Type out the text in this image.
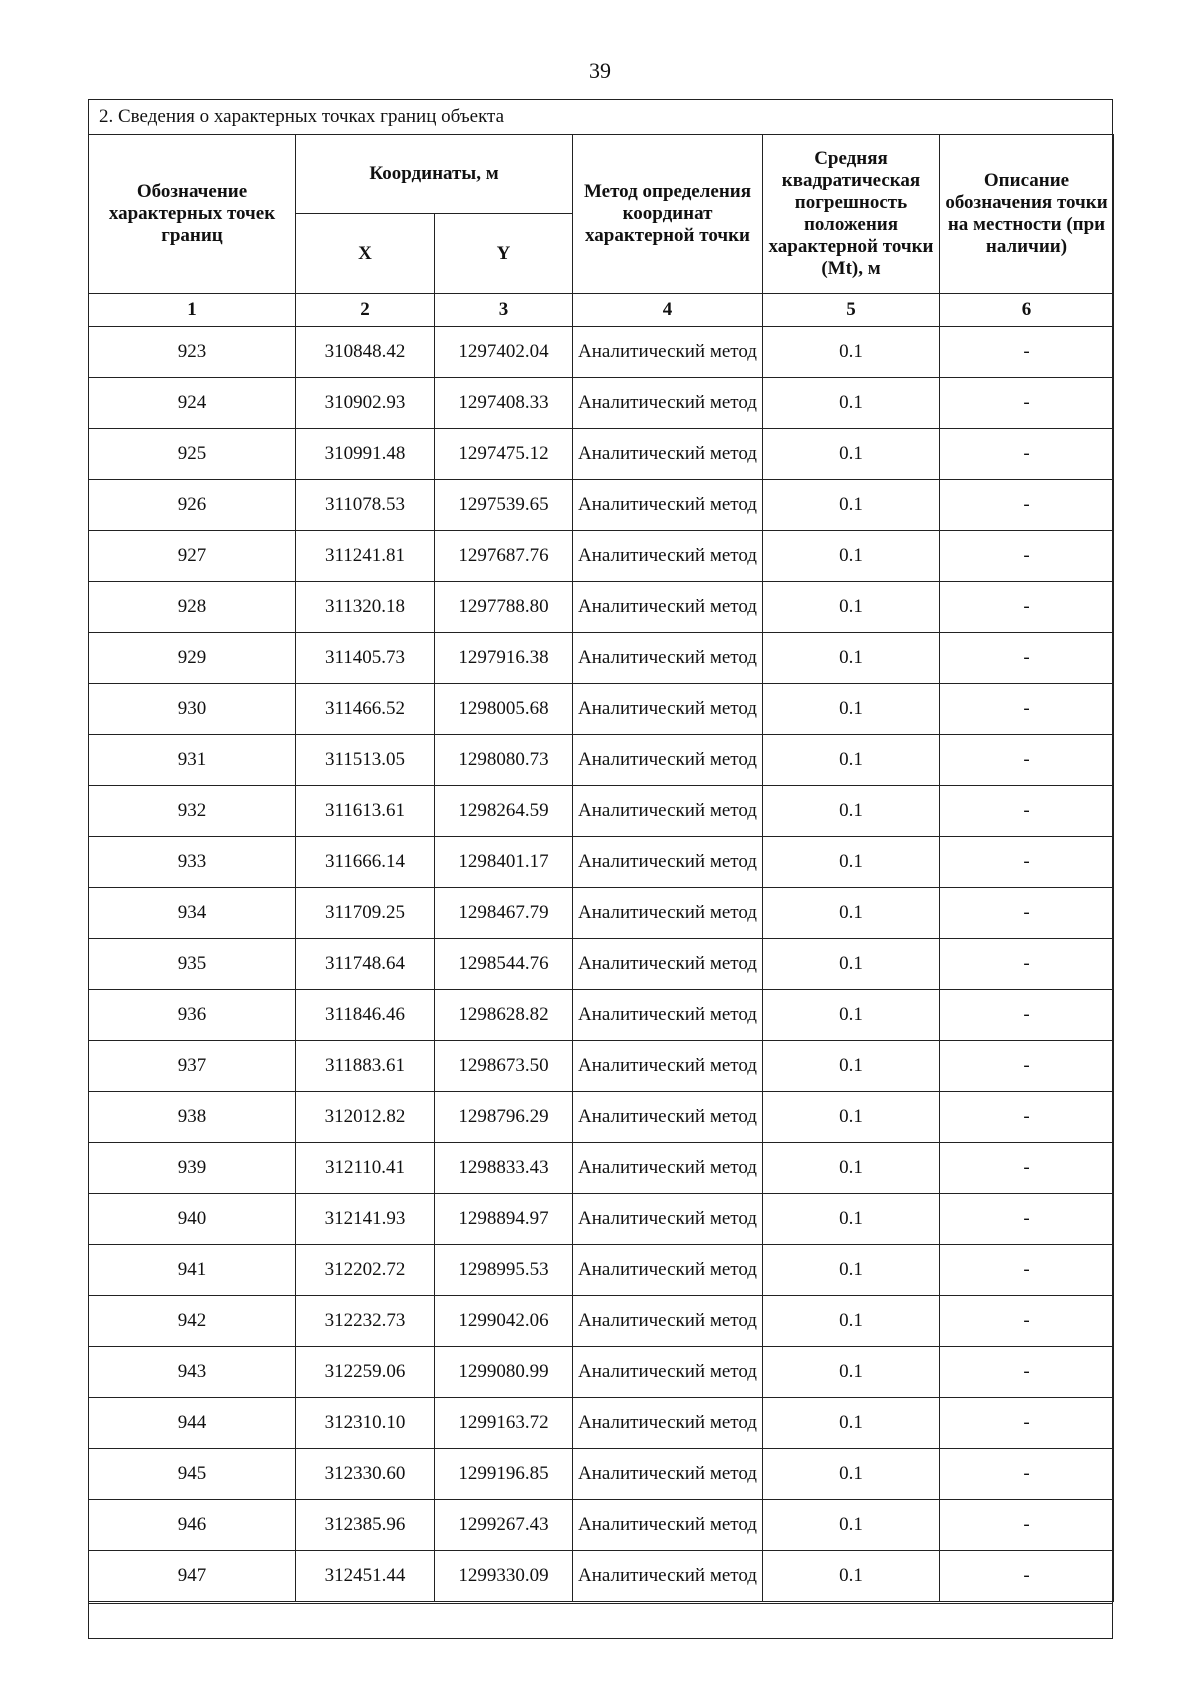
39
2. Сведения о характерных точках границ объекта
Обозначение характерных точек границ	Координаты, м		Метод определения координат характерной точки	Средняя квадратическая погрешность положения характерной точки (Mt), м	Описание обозначения точки на местности (при наличии)
	X	Y			
1	2	3	4	5	6
923	310848.42	1297402.04	Аналитический метод	0.1	-
924	310902.93	1297408.33	Аналитический метод	0.1	-
925	310991.48	1297475.12	Аналитический метод	0.1	-
926	311078.53	1297539.65	Аналитический метод	0.1	-
927	311241.81	1297687.76	Аналитический метод	0.1	-
928	311320.18	1297788.80	Аналитический метод	0.1	-
929	311405.73	1297916.38	Аналитический метод	0.1	-
930	311466.52	1298005.68	Аналитический метод	0.1	-
931	311513.05	1298080.73	Аналитический метод	0.1	-
932	311613.61	1298264.59	Аналитический метод	0.1	-
933	311666.14	1298401.17	Аналитический метод	0.1	-
934	311709.25	1298467.79	Аналитический метод	0.1	-
935	311748.64	1298544.76	Аналитический метод	0.1	-
936	311846.46	1298628.82	Аналитический метод	0.1	-
937	311883.61	1298673.50	Аналитический метод	0.1	-
938	312012.82	1298796.29	Аналитический метод	0.1	-
939	312110.41	1298833.43	Аналитический метод	0.1	-
940	312141.93	1298894.97	Аналитический метод	0.1	-
941	312202.72	1298995.53	Аналитический метод	0.1	-
942	312232.73	1299042.06	Аналитический метод	0.1	-
943	312259.06	1299080.99	Аналитический метод	0.1	-
944	312310.10	1299163.72	Аналитический метод	0.1	-
945	312330.60	1299196.85	Аналитический метод	0.1	-
946	312385.96	1299267.43	Аналитический метод	0.1	-
947	312451.44	1299330.09	Аналитический метод	0.1	-
